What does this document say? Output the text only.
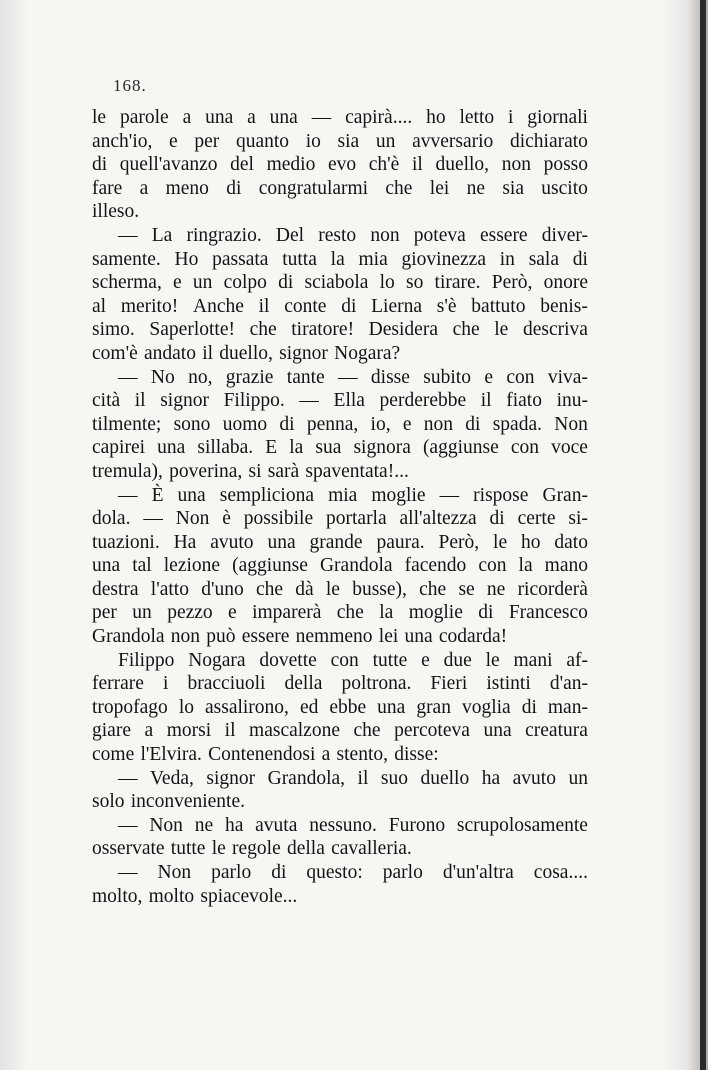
168.
le parole a una a una — capirà.... ho letto i giornali
anch'io, e per quanto io sia un avversario dichiarato
di quell'avanzo del medio evo ch'è il duello, non posso
fare a meno di congratularmi che lei ne sia uscito
illeso.
— La ringrazio. Del resto non poteva essere diver-
samente. Ho passata tutta la mia giovinezza in sala di
scherma, e un colpo di sciabola lo so tirare. Però, onore
al merito! Anche il conte di Lierna s'è battuto benis-
simo. Saperlotte! che tiratore! Desidera che le descriva
com'è andato il duello, signor Nogara?
— No no, grazie tante — disse subito e con viva-
cità il signor Filippo. — Ella perderebbe il fiato inu-
tilmente; sono uomo di penna, io, e non di spada. Non
capirei una sillaba. E la sua signora (aggiunse con voce
tremula), poverina, si sarà spaventata!...
— È una sempliciona mia moglie — rispose Gran-
dola. — Non è possibile portarla all'altezza di certe si-
tuazioni. Ha avuto una grande paura. Però, le ho dato
una tal lezione (aggiunse Grandola facendo con la mano
destra l'atto d'uno che dà le busse), che se ne ricorderà
per un pezzo e imparerà che la moglie di Francesco
Grandola non può essere nemmeno lei una codarda!
Filippo Nogara dovette con tutte e due le mani af-
ferrare i bracciuoli della poltrona. Fieri istinti d'an-
tropofago lo assalirono, ed ebbe una gran voglia di man-
giare a morsi il mascalzone che percoteva una creatura
come l'Elvira. Contenendosi a stento, disse:
— Veda, signor Grandola, il suo duello ha avuto un
solo inconveniente.
— Non ne ha avuta nessuno. Furono scrupolosamente
osservate tutte le regole della cavalleria.
— Non parlo di questo: parlo d'un'altra cosa....
molto, molto spiacevole...
